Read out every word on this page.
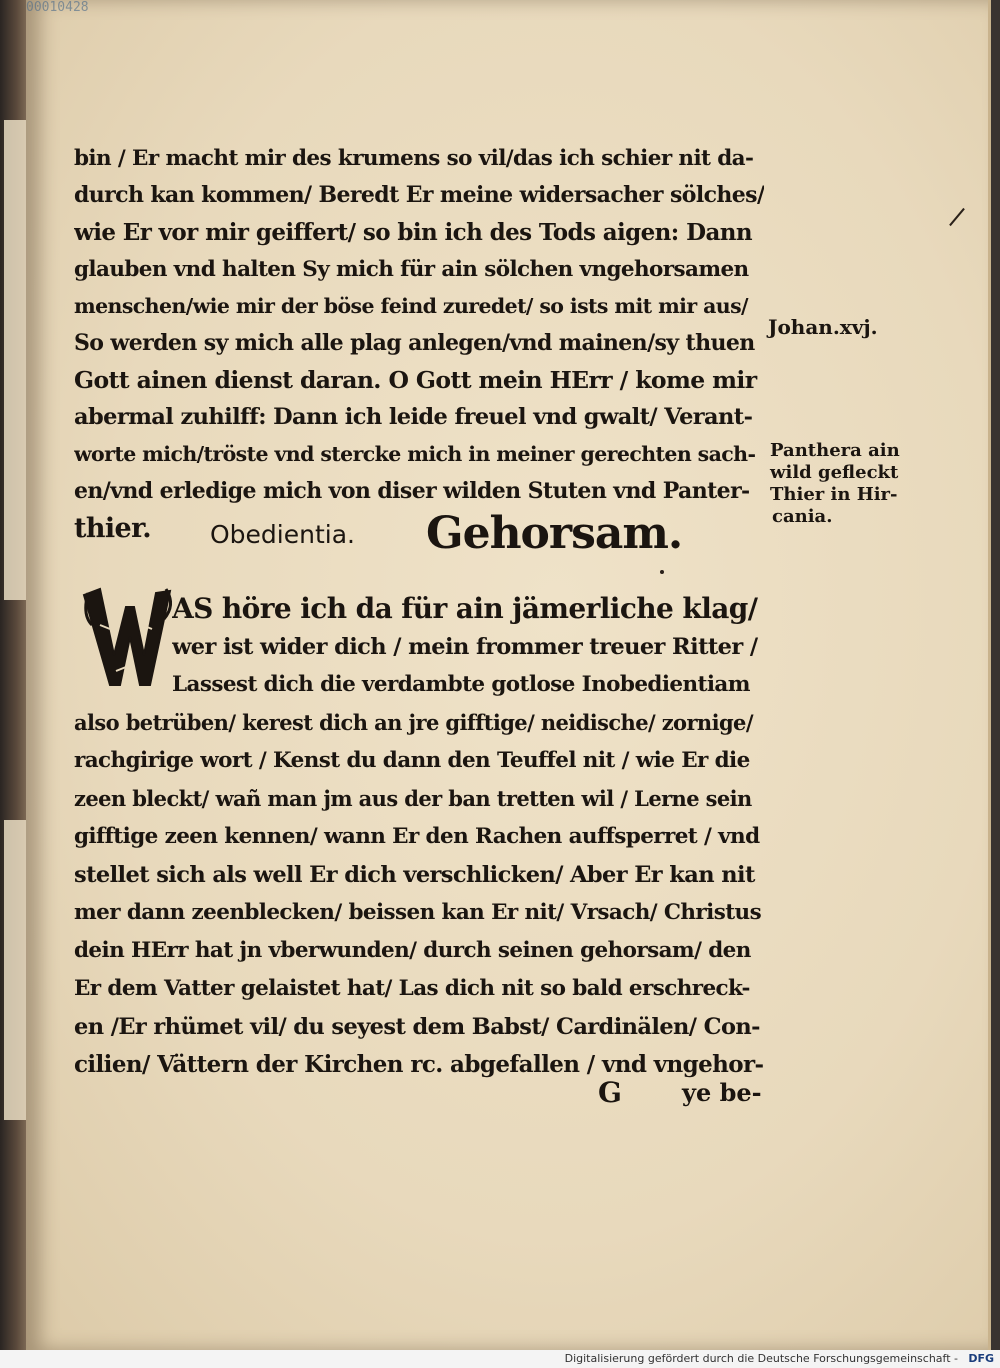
00010428
bin / Er macht mir des krumens so vil/das ich schier nit da-
durch kan kommen/ Beredt Er meine widersacher sölches/
wie Er vor mir geiffert/ so bin ich des Tods aigen: Dann
glauben vnd halten Sy mich für ain sölchen vngehorsamen
menschen/wie mir der böse feind zuredet/ so ists mit mir aus/
So werden sy mich alle plag anlegen/vnd mainen/sy thuen
Gott ainen dienst daran. O Gott mein HErr / kome mir
abermal zuhilff: Dann ich leide freuel vnd gwalt/ Verant-
worte mich/tröste vnd stercke mich in meiner gerechten sach-
en/vnd erledige mich von diser wilden Stuten vnd Panter-
thier.
Johan.xvj.
Panthera ain
wild gefleckt
Thier in Hir-
cania.
Obedientia. Gehorsam.
AS höre ich da für ain jämerliche klag/
wer ist wider dich / mein frommer treuer Ritter /
Lassest dich die verdambte gotlose Inobedientiam
also betrüben/ kerest dich an jre gifftige/ neidische/ zornige/
rachgirige wort / Kenst du dann den Teuffel nit / wie Er die
zeen bleckt/ wañ man jm aus der ban tretten wil / Lerne sein
gifftige zeen kennen/ wann Er den Rachen auffsperret / vnd
stellet sich als well Er dich verschlicken/ Aber Er kan nit
mer dann zeenblecken/ beissen kan Er nit/ Vrsach/ Christus
dein HErr hat jn vberwunden/ durch seinen gehorsam/ den
Er dem Vatter gelaistet hat/ Las dich nit so bald erschreck-
en /Er rhümet vil/ du seyest dem Babst/ Cardinälen/ Con-
cilien/ Vättern der Kirchen rc. abgefallen / vnd vngehor-
G	ye be-
Digitalisierung gefördert durch die Deutsche Forschungsgemeinschaft - DFG
